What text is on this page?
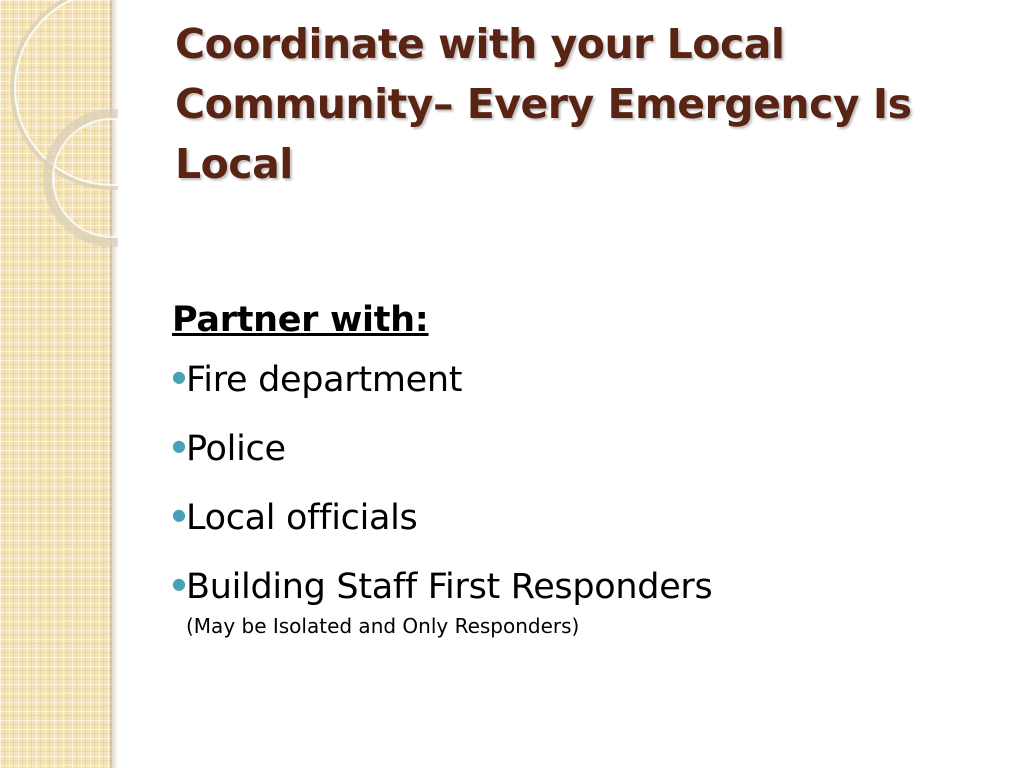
Coordinate with your Local Community– Every Emergency Is Local
Partner with:
● Fire department
● Police
● Local officials
● Building Staff First Responders
(May be Isolated and Only Responders)
